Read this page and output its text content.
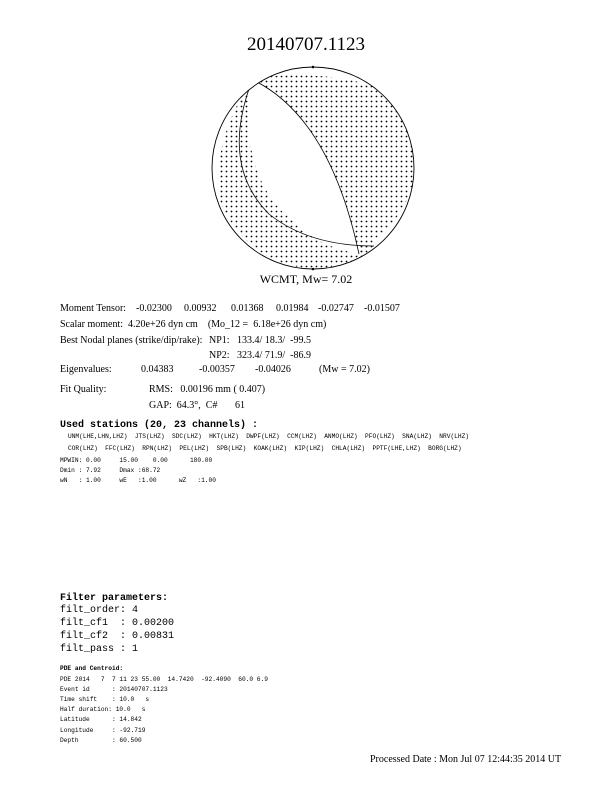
20140707.1123
WCMT, Mw= 7.02
Moment Tensor: -0.02300 0.00932 0.01368 0.01984 -0.02747 -0.01507
Scalar moment:  4.20e+26 dyn cm    (Mo_12 =  6.18e+26 dyn cm)
Best Nodal planes (strike/dip/rake): NP1:   133.4/ 18.3/  -99.5
NP2:   323.4/ 71.9/  -86.9
Eigenvalues:	0.04383	-0.00357 -0.04026	(Mw = 7.02)
Fit Quality:	RMS:   0.00196 mm ( 0.407)
GAP:  64.3°,  C#       61
Used stations (20, 23 channels) :
UNM(LHE,LHN,LHZ)  JTS(LHZ)  SDC(LHZ)  HKT(LHZ)  DWPF(LHZ)  CCM(LHZ)  ANMO(LHZ)  PFO(LHZ)  SNA(LHZ)  NRV(LHZ)
COR(LHZ)  FFC(LHZ)  RPN(LHZ)  PEL(LHZ)  SPB(LHZ)  KOAK(LHZ)  KIP(LHZ)  CHLA(LHZ)  PPTF(LHE,LHZ)  BORG(LHZ)
MPWIN: 0.00     15.00    0.00      180.00
Dmin : 7.92     Dmax :68.72
wN   : 1.00     wE   :1.00      wZ   :1.00
Filter parameters:
filt_order: 4
filt_cf1  : 0.00200
filt_cf2  : 0.00831
filt_pass : 1
PDE and Centroid:
PDE 2014   7  7 11 23 55.00  14.7420  -92.4090  60.0 6.9
Event id      : 20140707.1123
Time shift    : 10.0   s
Half duration: 10.0   s
Latitude      : 14.842
Longitude     : -92.719
Depth         : 60.500
Processed Date : Mon Jul 07 12:44:35 2014 UT
